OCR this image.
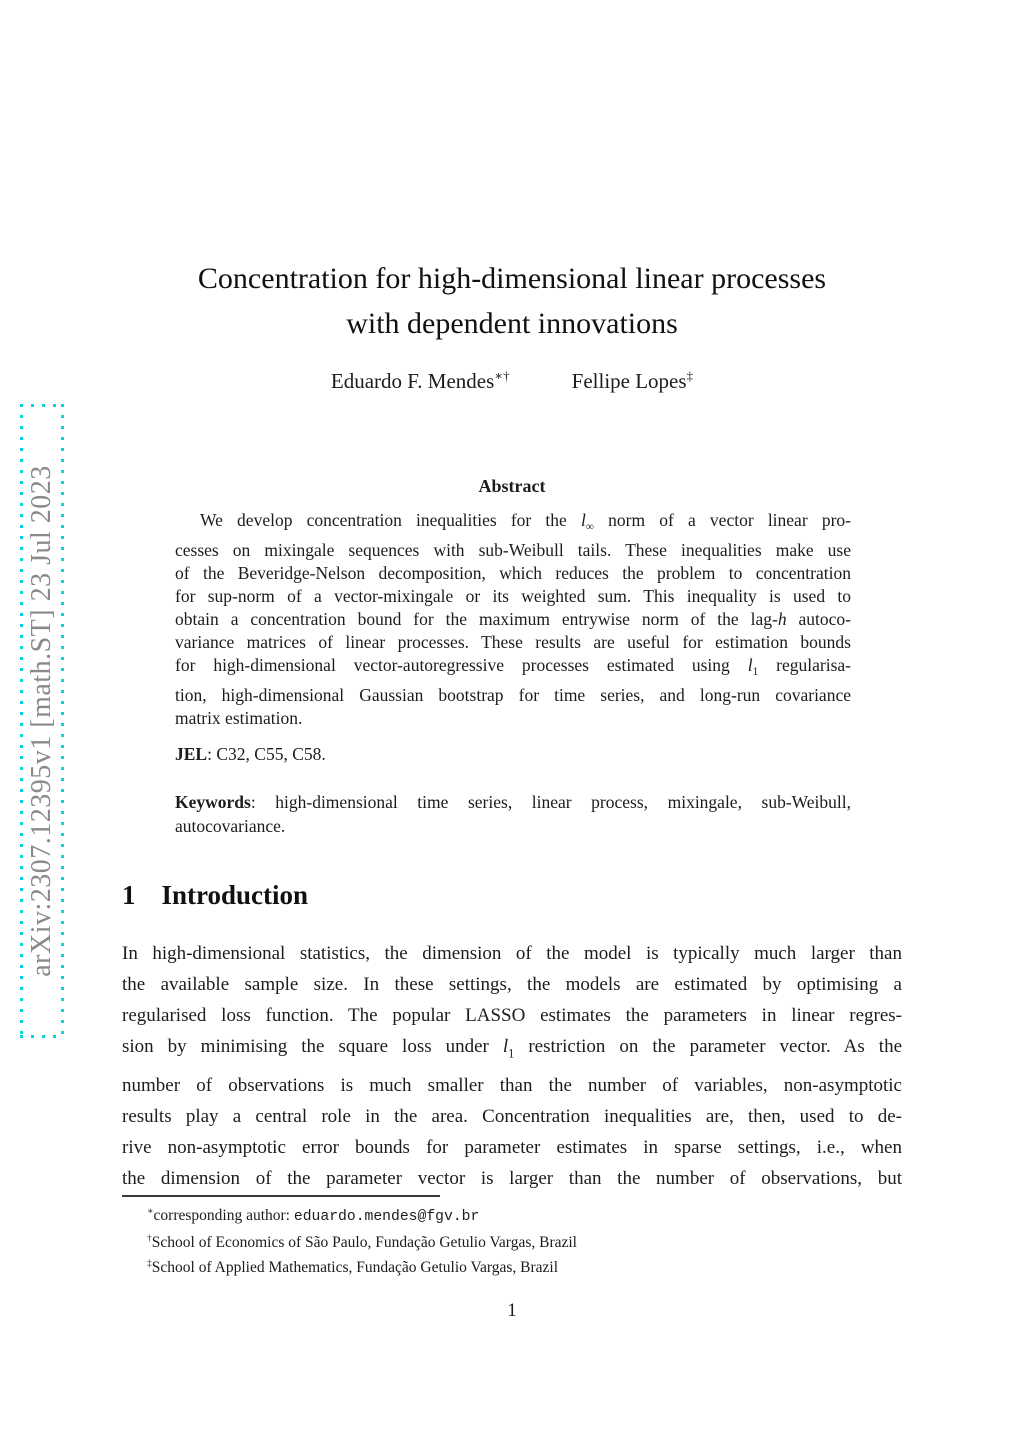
arXiv:2307.12395v1 [math.ST] 23 Jul 2023
Concentration for high-dimensional linear processes
with dependent innovations
Eduardo F. Mendes∗†	Fellipe Lopes‡
Abstract
We develop concentration inequalities for the $l_\infty$ norm of a vector linear pro-
cesses on mixingale sequences with sub-Weibull tails. These inequalities make use
of the Beveridge-Nelson decomposition, which reduces the problem to concentration
for sup-norm of a vector-mixingale or its weighted sum. This inequality is used to
obtain a concentration bound for the maximum entrywise norm of the lag-h autoco-
variance matrices of linear processes. These results are useful for estimation bounds
for high-dimensional vector-autoregressive processes estimated using $l_1$ regularisa-
tion, high-dimensional Gaussian bootstrap for time series, and long-run covariance
matrix estimation.
JEL: C32, C55, C58.
Keywords: high-dimensional time series, linear process, mixingale, sub-Weibull,
autocovariance.
1 Introduction
In high-dimensional statistics, the dimension of the model is typically much larger than
the available sample size. In these settings, the models are estimated by optimising a
regularised loss function. The popular LASSO estimates the parameters in linear regres-
sion by minimising the square loss under $l_1$ restriction on the parameter vector. As the
number of observations is much smaller than the number of variables, non-asymptotic
results play a central role in the area. Concentration inequalities are, then, used to de-
rive non-asymptotic error bounds for parameter estimates in sparse settings, i.e., when
the dimension of the parameter vector is larger than the number of observations, but
∗corresponding author: eduardo.mendes@fgv.br
†School of Economics of São Paulo, Fundação Getulio Vargas, Brazil
‡School of Applied Mathematics, Fundação Getulio Vargas, Brazil
1
